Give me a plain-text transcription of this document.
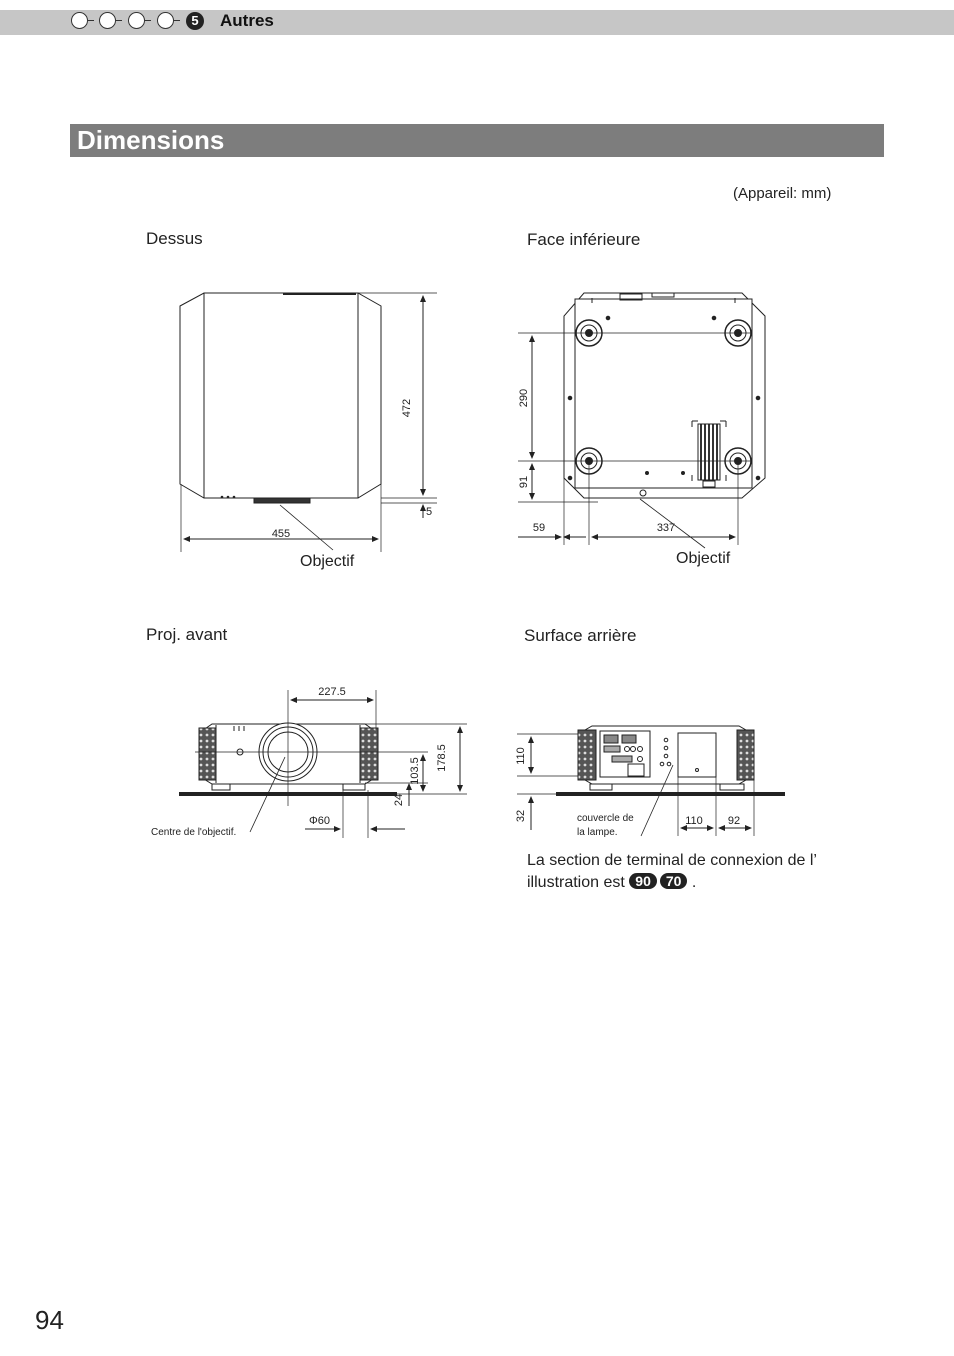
5	Autres
Dimensions
(Appareil: mm)
Dessus	Face inférieure
Proj. avant	Surface arrière
472
5
455
Objectif
290
91
59	337
Objectif
227.5
178.5
103.5
24
Φ60
Centre de l'objectif.
110
32	110 92
couvercle de
la lampe.
La section de terminal de connexion de l’
illustration est 90 70 .
94
